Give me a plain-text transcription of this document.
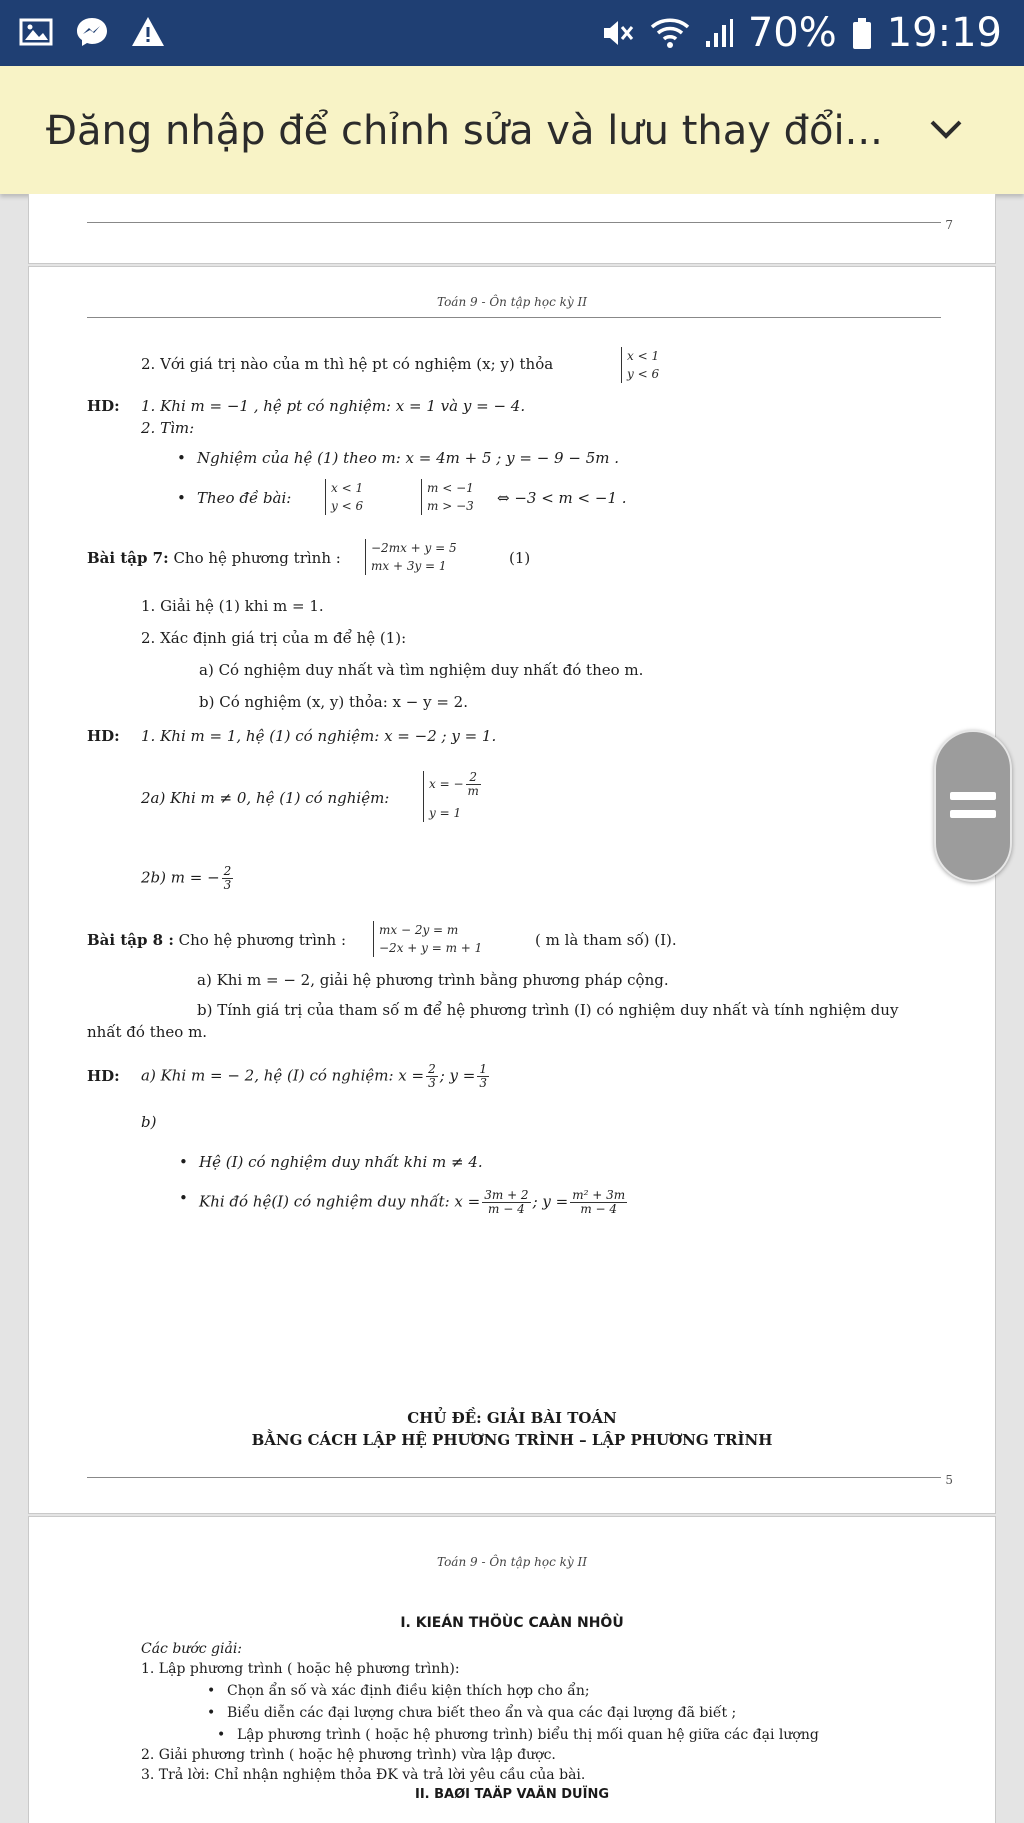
70% 19:19
Đăng nhập để chỉnh sửa và lưu thay đổi...
7
Toán 9 - Ôn tập học kỳ II
2. Với giá trị nào của m thì hệ pt có nghiệm (x; y) thỏa	x < 1
y < 6
HD: 1. Khi m = −1 , hệ pt có nghiệm: x = 1 và y = − 4.
2. Tìm:
• Nghiệm của hệ (1) theo m: x = 4m + 5 ; y = − 9 − 5m .
• Theo đề bài:
x < 1
y < 6
m < −1
m > −3 ⇔ −3 < m < −1 .
Bài tập 7: Cho hệ phương trình :
−2mx + y = 5
mx + 3y = 1	(1)
1. Giải hệ (1) khi m = 1.
2. Xác định giá trị của m để hệ (1):
a) Có nghiệm duy nhất và tìm nghiệm duy nhất đó theo m.
b) Có nghiệm (x, y) thỏa: x − y = 2.
HD: 1. Khi m = 1, hệ (1) có nghiệm: x = −2 ; y = 1.
2a) Khi m ≠ 0, hệ (1) có nghiệm:
x = − $\frac{2}{m}$
y = 1
2b) m = − $\frac{2}{3}$
Bài tập 8 : Cho hệ phương trình :
mx − 2y = m
−2x + y = m + 1	( m là tham số) (I).
a) Khi m = − 2, giải hệ phương trình bằng phương pháp cộng.
b) Tính giá trị của tham số m để hệ phương trình (I) có nghiệm duy nhất và tính nghiệm duy
nhất đó theo m.
HD: a) Khi m = − 2, hệ (I) có nghiệm: $x = \frac{2}{3}$ ; $y = \frac{1}{3}$
b)
• Hệ (I) có nghiệm duy nhất khi m ≠ 4.
• Khi đó hệ(I) có nghiệm duy nhất: $x = \frac{3m + 2}{m - 4}$ ; $y = \frac{\text{m² + 3m}}{m - 4}$
CHỦ ĐỀ: GIẢI BÀI TOÁN
BẰNG CÁCH LẬP HỆ PHƯƠNG TRÌNH – LẬP PHƯƠNG TRÌNH
5
Toán 9 - Ôn tập học kỳ II
I. KIEÁN THÖÙC CAÀN NHÔÙ
Các bước giải:
1. Lập phương trình ( hoặc hệ phương trình):
• Chọn ẩn số và xác định điều kiện thích hợp cho ẩn;
• Biểu diễn các đại lượng chưa biết theo ẩn và qua các đại lượng đã biết ;
• Lập phương trình ( hoặc hệ phương trình) biểu thị mối quan hệ giữa các đại lượng
2. Giải phương trình ( hoặc hệ phương trình) vừa lập được.
3. Trả lời: Chỉ nhận nghiệm thỏa ĐK và trả lời yêu cầu của bài.
II. BAØI TAÄP VAÄN DUÏNG
